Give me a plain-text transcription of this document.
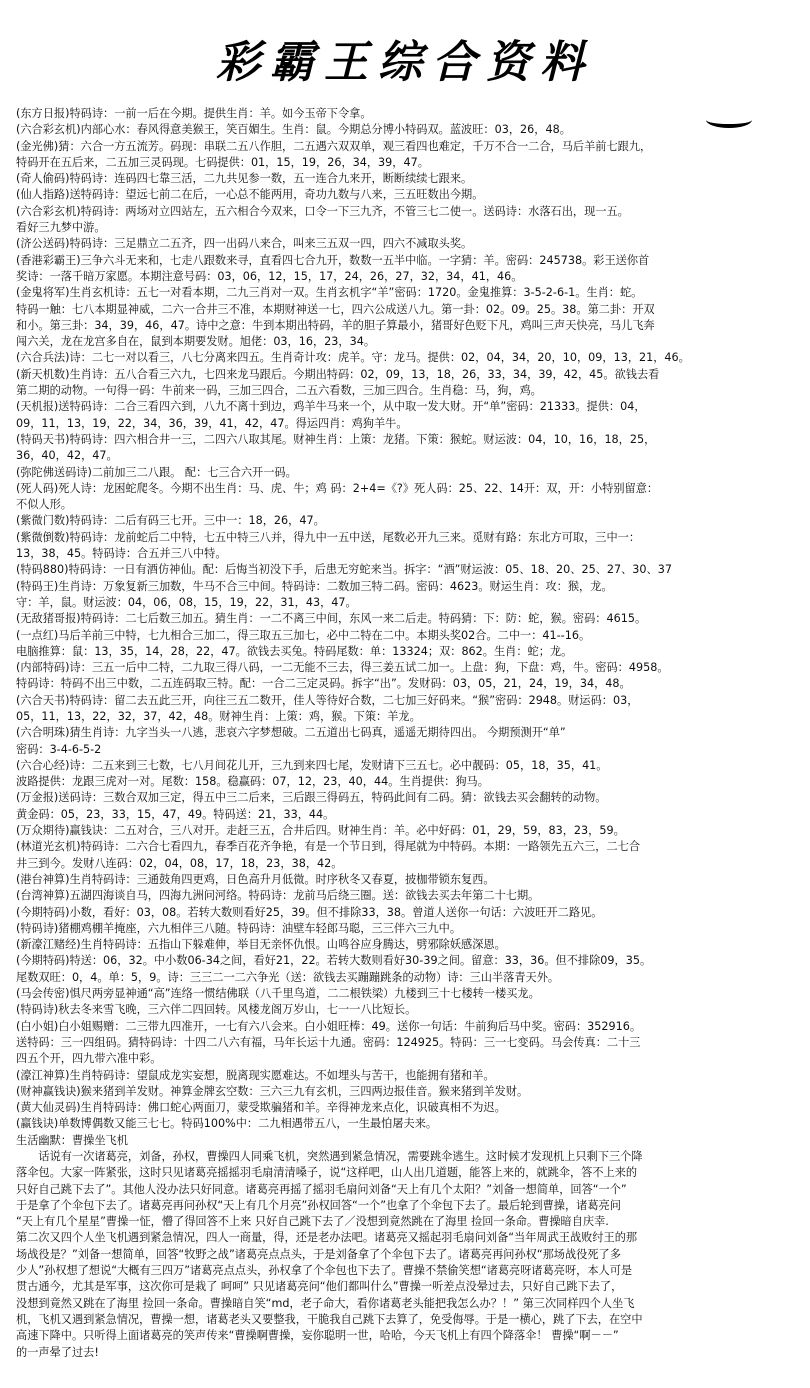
彩霸王综合资料

(东方日报)特码诗：一前一后在今期。提供生肖：羊。如今玉帝下令拿。

(六合彩玄机)内部心水：春风得意美猴王，笑百媚生。生肖：鼠。今期总分博小特码双。蓝波旺：03，26，48。

(金光佛)猜：六合一方五流芳。码现：串联二五八作胆，二五遇六双双单，观三看四也难定，千万不合一二合，马后羊前七跟九，

特码开在五后来，二五加三灵码现。七码提供：01，15，19，26，34，39，47。

(奇人偷码)特码诗：连码四七靠三活，二九共见参一数，五一连合九来开，断断续续七跟来。

(仙人指路)送特码诗：望远七前二在后，一心总不能两用，奇功九数与八来，三五旺数出今期。

(六合彩玄机)特码诗：两场对立四站左，五六相合今双来，口令一下三九齐，不管三七二使一。送码诗：水落石出，现一五。

看好三九梦中游。

(济公送码)特码诗：三足鼎立二五齐，四一出码八来合，叫来三五双一四，四六不减取头奖。

(香港彩霸王)三争六斗无来和，七走八跟数来寻，直看四七合九开，数数一五半中临。一字猜：羊。密码：245738。彩王送你首

奖诗：一落千暗万家愿。本期注意号码：03，06，12，15，17，24，26，27，32，34，41，46。

(金鬼将军)生肖玄机诗：五七一对看本期，二九三肖对一双。生肖玄机字“羊”密码：1720。金鬼推算：3-5-2-6-1。生肖：蛇。

特码一触：七八本期显神威，二六一合井三不准，本期财神送一七，四六公成送八九。第一卦：02。09。25。38。第二卦：开双

和小。第三卦：34，39，46，47。诗中之意：牛到本期出特码，羊的胆子算最小，猪哥好色贬下凡，鸡叫三声天快亮，马儿飞奔

闯六关，龙在龙宫多自在，鼠到本期要发财。旭佬：03，16，23，34。

(六合兵法)诗：二七一对以看三，八七分离来四五。生肖奇计攻：虎羊。守：龙马。提供：02，04，34，20，10，09，13，21，46。

(新天机数)生肖诗：五八合看三六九，七四来龙马跟后。今期出特码：02，09，13，18，26，33，34，39，42，45。欲钱去看

第二期的动物。一句得一码：牛前来一码，三加三四合，二五六看数，三加三四合。生肖稳：马，狗，鸡。

(天机报)送特码诗：二合三看四六到，八九不离十到边，鸡羊牛马来一个，从中取一发大财。开“单”密码：21333。提供：04，

09，11，13，19，22，34，36，39，41，42，47。得运四肖：鸡狗羊牛。

(特码天书)特码诗：四六相合井一三，二四六八取其尾。财神生肖：上策：龙猪。下策：猴蛇。财运波：04，10，16，18，25，

36，40，42，47。

(弥陀佛送码诗)二前加三二八跟。 配：七三合六开一码。

(死人码)死人诗：龙困蛇爬冬。今期不出生肖：马、虎、牛；鸡 码：2+4=《?》死人码：25、22、14开：双，开：小特别留意：

不似人形。

(紫微门数)特码诗：二后有码三七开。三中一：18，26，47。

(紫微倒数)特码诗：龙前蛇后二中特，七五中特三八并，得九中一五中送，尾数必开九三来。觅财有路：东北方可取，三中一：

13，38，45。特码诗：合五并三八中特。

(特码880)特码诗：一日有酒仿神仙。配：后悔当初没下手，后患无穷蛇来当。拆字：“酒”财运波：05、18、20、25、27、30、37

(特码王)生肖诗：万象复新三加数，牛马不合三中间。特码诗：二数加三特二码。密码：4623。财运生肖：攻：猴，龙。

守：羊，鼠。财运波：04，06，08，15，19，22，31，43，47。

(无敌猪哥报)特码诗：二七后数三加五。猜生肖：一二不离三中间，东风一来二后走。特码猜：下：防：蛇，猴。密码：4615。

(一点红)马后羊前三中特，七九相合三加二，得三取五三加七，必中二特在二中。本期头奖02合。二中一：41--16。

电脑推算：鼠：13，35，14，28，22，47。欲钱去买兔。特码尾数：单：13324；双：862。生肖：蛇；龙。

(内部特码)诗：三五一后中二特，二九取三得八码，一二无能不三去，得三姜五试二加一。上盘：狗，下盘：鸡，牛。密码：4958。

特码诗：特码不出三中数，二五连码取三特。配：一合二三定灵码。拆字“出”。发财码：03，05，21，24，19，34，48。

(六合天书)特码诗：留二去五此三开，向往三五二数开，佳人等待好合数，二七加三好码来。“猴”密码：2948。财运码：03，

05，11，13，22，32，37，42，48。财神生肖：上策：鸡，猴。下策：羊龙。

(六合明珠)猜生肖诗：九字当头一八逃，悲哀六字梦想破。二五道出七码真，遥遥无期待四出。 今期预测开“单”

密码：3-4-6-5-2

(六合心经)诗：二五来到三七数，七八月间花儿开，三九到来四七尾，发财请下三五七。必中靓码：05，18，35，41。

波路提供：龙跟三虎对一对。尾数：158。稳赢码：07，12，23，40，44。生肖提供：狗马。

(万金报)送码诗：三数合双加三定，得五中三二后来，三后跟三得码五，特码此间有二码。猜：欲钱去买会翻转的动物。

黄金码：05，23，33，15，47，49。特码送：21，33，44。

(万众期待)赢钱诀：二五对合，三八对开。走赶三五，合井后四。财神生肖：羊。必中好码：01，29，59，83，23，59。

(林道光玄机)特码诗：二六合七看四九，春季百花齐争艳，有是一个节日到，得尾就为中特码。本期：一路领先五六三，二七合

井三到今。发财八连码：02，04，08，17，18，23，38，42。

(港台神算)生肖特码诗：三通鼓角四更鸡，日色高升月低微。时序秋冬又春夏，披枷带锁东复西。

(台湾神算)五湖四海谈自马，四海九洲问河络。特码诗：龙前马后绕三圈。送：欲钱去买去年第二十七期。

(今期特码)小数，看好：03，08。若转大数则看好25，39。但不排除33，38。曾道人送你一句话：六波旺开二路见。

(特码诗)猪棚鸡棚羊掩座，六九相伴三八随。特码诗：油壁车轻郎马聪，三三伴六三九中。

(新濠江赌经)生肖特码诗：五指山下躲难伸，举目无亲怀仇恨。山鸣谷应身腾达，劈邪除妖感深恩。

(今期特码)特送：06，32。中小数06-34之间，看好21，22。若转大数则看好30-39之间。留意：33，36。但不排除09，35。

尾数双旺：0，4。单：5，9。诗：三三二一二六争光（送：欲钱去买蹦蹦跳条的动物）诗：三山半落青天外。

(马会传密)惧尺两旁显神通“高”连络一惯结佛联（八千里鸟道，二二根铁梁）九楼到三十七楼转一楼买龙。

(特码诗)秋去冬来雪飞晚，三六伴二四回转。风楼龙阁万岁山，七一一八比短长。

(白小姐)白小姐赐赠：二三带九四准开，一七有六八会来。白小姐旺棒：49。送你一句话：牛前狗后马中奖。密码：352916。

送特码：三一四组码。猜特码诗：十四二八六有福，马年长运十九通。密码：124925。特码：三一七变码。马会传真：二十三

四五个开，四九带六准中彩。

(濠江神算)生肖特码诗：望鼠成龙实妄想，脱离现实愿难达。不如埋头与苦干，也能拥有猪和羊。

(财神赢钱诀)猴来猪到羊发财。神算金牌玄空数：三六三九有玄机，三四两边报佳音。猴来猪到羊发财。

(黄大仙灵码)生肖特码诗：佛口蛇心两面刀，蒙受欺骗猪和羊。辛得神龙来点化，识破真相不为迟。

(赢钱诀)单数博偶数又能三七七。特码100%中：二九相遇带五八，一生最怕屠夫来。

生活幽默：曹操坐飞机

　　话说有一次诸葛亮，刘备，孙权，曹操四人同乘飞机，突然遇到紧急情况，需要跳伞逃生。这时候才发现机上只剩下三个降

落伞包。大家一阵紧张，这时只见诸葛亮摇摇羽毛扇清清嗓子，说“这样吧，山人出几道题，能答上来的，就跳伞，答不上来的

只好自己跳下去了”。其他人没办法只好同意。诸葛亮再摇了摇羽毛扇问刘备“天上有几个太阳？”刘备一想简单，回答“一个”

于是拿了个伞包下去了。诸葛亮再问孙权“天上有几个月亮”孙权回答“一个”也拿了个伞包下去了。最后轮到曹操，诸葛亮问

“天上有几个星星”曹操一怔，懵了得回答不上来 只好自己跳下去了／没想到竟然跳在了海里 捡回一条命。曹操暗自庆幸.

第二次又四个人坐飞机遇到紧急情况，四人一商量，得，还是老办法吧。诸葛亮又摇起羽毛扇问刘备“当年周武王战败纣王的那

场战役是？”刘备一想简单，回答“牧野之战”诸葛亮点点头，于是刘备拿了个伞包下去了。诸葛亮再问孙权“那场战役死了多

少人”孙权想了想说“大概有三四万”诸葛亮点点头，孙权拿了个伞包也下去了。曹操不禁偷笑想“诸葛亮呀诸葛亮呀，本人可是

贯古通今，尤其是军事，这次你可是栽了 呵呵” 只见诸葛亮问“他们都叫什么”曹操一听差点没晕过去，只好自己跳下去了，

没想到竟然又跳在了海里 捡回一条命。曹操暗自笑“md，老子命大，看你诸葛老头能把我怎么办？！” 第三次同样四个人坐飞

机，飞机又遇到紧急情况，曹操一想，诸葛老头又要整我，干脆我自己跳下去算了，免受侮辱。于是一横心，跳了下去，在空中

高速下降中。只听得上面诸葛亮的笑声传来“曹操啊曹操，妄你聪明一世，哈哈，今天飞机上有四个降落伞！ 曹操“啊－－”

的一声晕了过去!
